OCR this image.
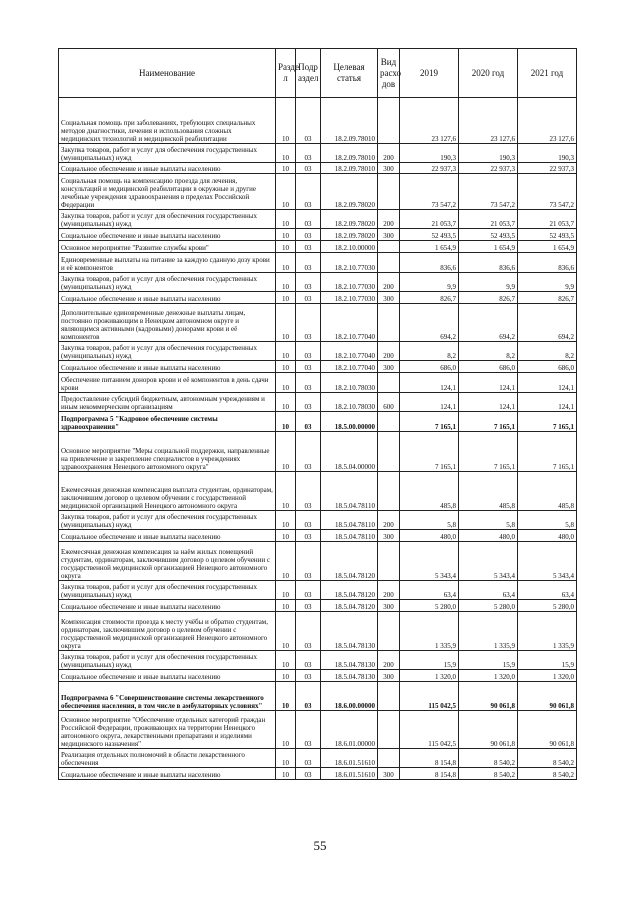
Наименование	Разде л	Подр аздел	Целевая статья	Вид расхо дов	2019	2020 год	2021 год
Социальная помощь при заболеваниях, требующих специальных методов диагностики, лечения и использования сложных медицинских технологий и медицинской реабилитации	10	03	18.2.09.78010		23 127,6	23 127,6	23 127,6
Закупка товаров, работ и услуг для обеспечения государственных (муниципальных) нужд	10	03	18.2.09.78010	200	190,3	190,3	190,3
Социальное обеспечение и иные выплаты населению	10	03	18.2.09.78010	300	22 937,3	22 937,3	22 937,3
Социальная помощь на компенсацию проезда для лечения, консультаций и медицинской реабилитации в окружные и другие лечебные учреждения здравоохранения в пределах Российской Федерации	10	03	18.2.09.78020		73 547,2	73 547,2	73 547,2
Закупка товаров, работ и услуг для обеспечения государственных (муниципальных) нужд	10	03	18.2.09.78020	200	21 053,7	21 053,7	21 053,7
Социальное обеспечение и иные выплаты населению	10	03	18.2.09.78020	300	52 493,5	52 493,5	52 493,5
Основное мероприятие "Развитие службы крови"	10	03	18.2.10.00000		1 654,9	1 654,9	1 654,9
Единовременные выплаты на питание за каждую сданную дозу крови и её компонентов	10	03	18.2.10.77030		836,6	836,6	836,6
Закупка товаров, работ и услуг для обеспечения государственных (муниципальных) нужд	10	03	18.2.10.77030	200	9,9	9,9	9,9
Социальное обеспечение и иные выплаты населению	10	03	18.2.10.77030	300	826,7	826,7	826,7
Дополнительные единовременные денежные выплаты лицам, постоянно проживающим в Ненецком автономном округе и являющимся активными (кадровыми) донорами крови и её компонентов	10	03	18.2.10.77040		694,2	694,2	694,2
Закупка товаров, работ и услуг для обеспечения государственных (муниципальных) нужд	10	03	18.2.10.77040	200	8,2	8,2	8,2
Социальное обеспечение и иные выплаты населению	10	03	18.2.10.77040	300	686,0	686,0	686,0
Обеспечение питанием доноров крови и её компонентов в день сдачи крови	10	03	18.2.10.78030		124,1	124,1	124,1
Предоставление субсидий бюджетным, автономным учреждениям и иным некоммерческим организациям	10	03	18.2.10.78030	600	124,1	124,1	124,1
Подпрограмма 5 "Кадровое обеспечение системы здравоохранения"	10	03	18.5.00.00000		7 165,1	7 165,1	7 165,1
Основное мероприятие "Меры социальной поддержки, направленные на привлечение и закрепление специалистов в учреждениях здравоохранения Ненецкого автономного округа"	10	03	18.5.04.00000		7 165,1	7 165,1	7 165,1
Ежемесячная денежная компенсация выплата студентам, ординаторам, заключившим договор о целевом обучении с государственной медицинской организацией Ненецкого автономного округа	10	03	18.5.04.78110		485,8	485,8	485,8
Закупка товаров, работ и услуг для обеспечения государственных (муниципальных) нужд	10	03	18.5.04.78110	200	5,8	5,8	5,8
Социальное обеспечение и иные выплаты населению	10	03	18.5.04.78110	300	480,0	480,0	480,0
Ежемесячная денежная компенсация за наём жилых помещений студентам, ординаторам, заключившим договор о целевом обучении с государственной медицинской организацией Ненецкого автономного округа	10	03	18.5.04.78120		5 343,4	5 343,4	5 343,4
Закупка товаров, работ и услуг для обеспечения государственных (муниципальных) нужд	10	03	18.5.04.78120	200	63,4	63,4	63,4
Социальное обеспечение и иные выплаты населению	10	03	18.5.04.78120	300	5 280,0	5 280,0	5 280,0
Компенсация стоимости проезда к месту учёбы и обратно студентам, ординаторам, заключившим договор о целевом обучении с государственной медицинской организацией Ненецкого автономного округа	10	03	18.5.04.78130		1 335,9	1 335,9	1 335,9
Закупка товаров, работ и услуг для обеспечения государственных (муниципальных) нужд	10	03	18.5.04.78130	200	15,9	15,9	15,9
Социальное обеспечение и иные выплаты населению	10	03	18.5.04.78130	300	1 320,0	1 320,0	1 320,0
Подпрограмма 6 "Совершенствование системы лекарственного обеспечения населения, в том числе в амбулаторных условиях"	10	03	18.6.00.00000		115 042,5	90 061,8	90 061,8
Основное мероприятие "Обеспечение отдельных категорий граждан Российской Федерации, проживающих на территории Ненецкого автономного округа, лекарственными препаратами и изделиями медицинского назначения"	10	03	18.6.01.00000		115 042,5	90 061,8	90 061,8
Реализация отдельных полномочий в области лекарственного обеспечения	10	03	18.6.01.51610		8 154,8	8 540,2	8 540,2
Социальное обеспечение и иные выплаты населению	10	03	18.6.01.51610	300	8 154,8	8 540,2	8 540,2
55
